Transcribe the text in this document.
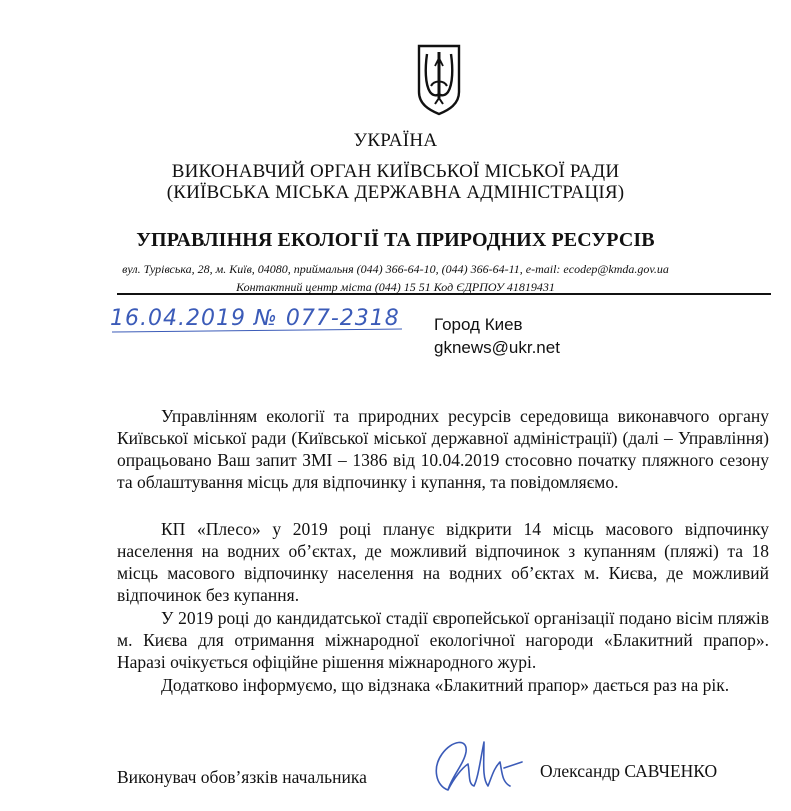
УКРАЇНА
ВИКОНАВЧИЙ ОРГАН КИЇВСЬКОЇ МІСЬКОЇ РАДИ
(КИЇВСЬКА МІСЬКА ДЕРЖАВНА АДМІНІСТРАЦІЯ)
УПРАВЛІННЯ ЕКОЛОГІЇ ТА ПРИРОДНИХ РЕСУРСІВ
вул. Турівська, 28, м. Київ, 04080, приймальня (044) 366-64-10, (044) 366-64-11, e-mail: ecodep@kmda.gov.ua
Контактний центр міста (044) 15 51 Код ЄДРПОУ 41819431
16.04.2019 № 077-2318 Город Киев
gknews@ukr.net
Управлінням екології та природних ресурсів середовища виконавчого органу Київської міської ради (Київської міської державної адміністрації) (далі – Управління) опрацьовано Ваш запит ЗМІ – 1386 від 10.04.2019 стосовно початку пляжного сезону та облаштування місць для відпочинку і купання, та повідомляємо.
КП «Плесо» у 2019 році планує відкрити 14 місць масового відпочинку населення на водних об’єктах, де можливий відпочинок з купанням (пляжі) та 18 місць масового відпочинку населення на водних об’єктах м. Києва, де можливий відпочинок без купання.
У 2019 році до кандидатської стадії європейської організації подано вісім пляжів м. Києва для отримання міжнародної екологічної нагороди «Блакитний прапор». Наразі очікується офіційне рішення міжнародного журі.
Додатково інформуємо, що відзнака «Блакитний прапор» дається раз на рік.
Виконувач обов’язків начальника	Олександр САВЧЕНКО
